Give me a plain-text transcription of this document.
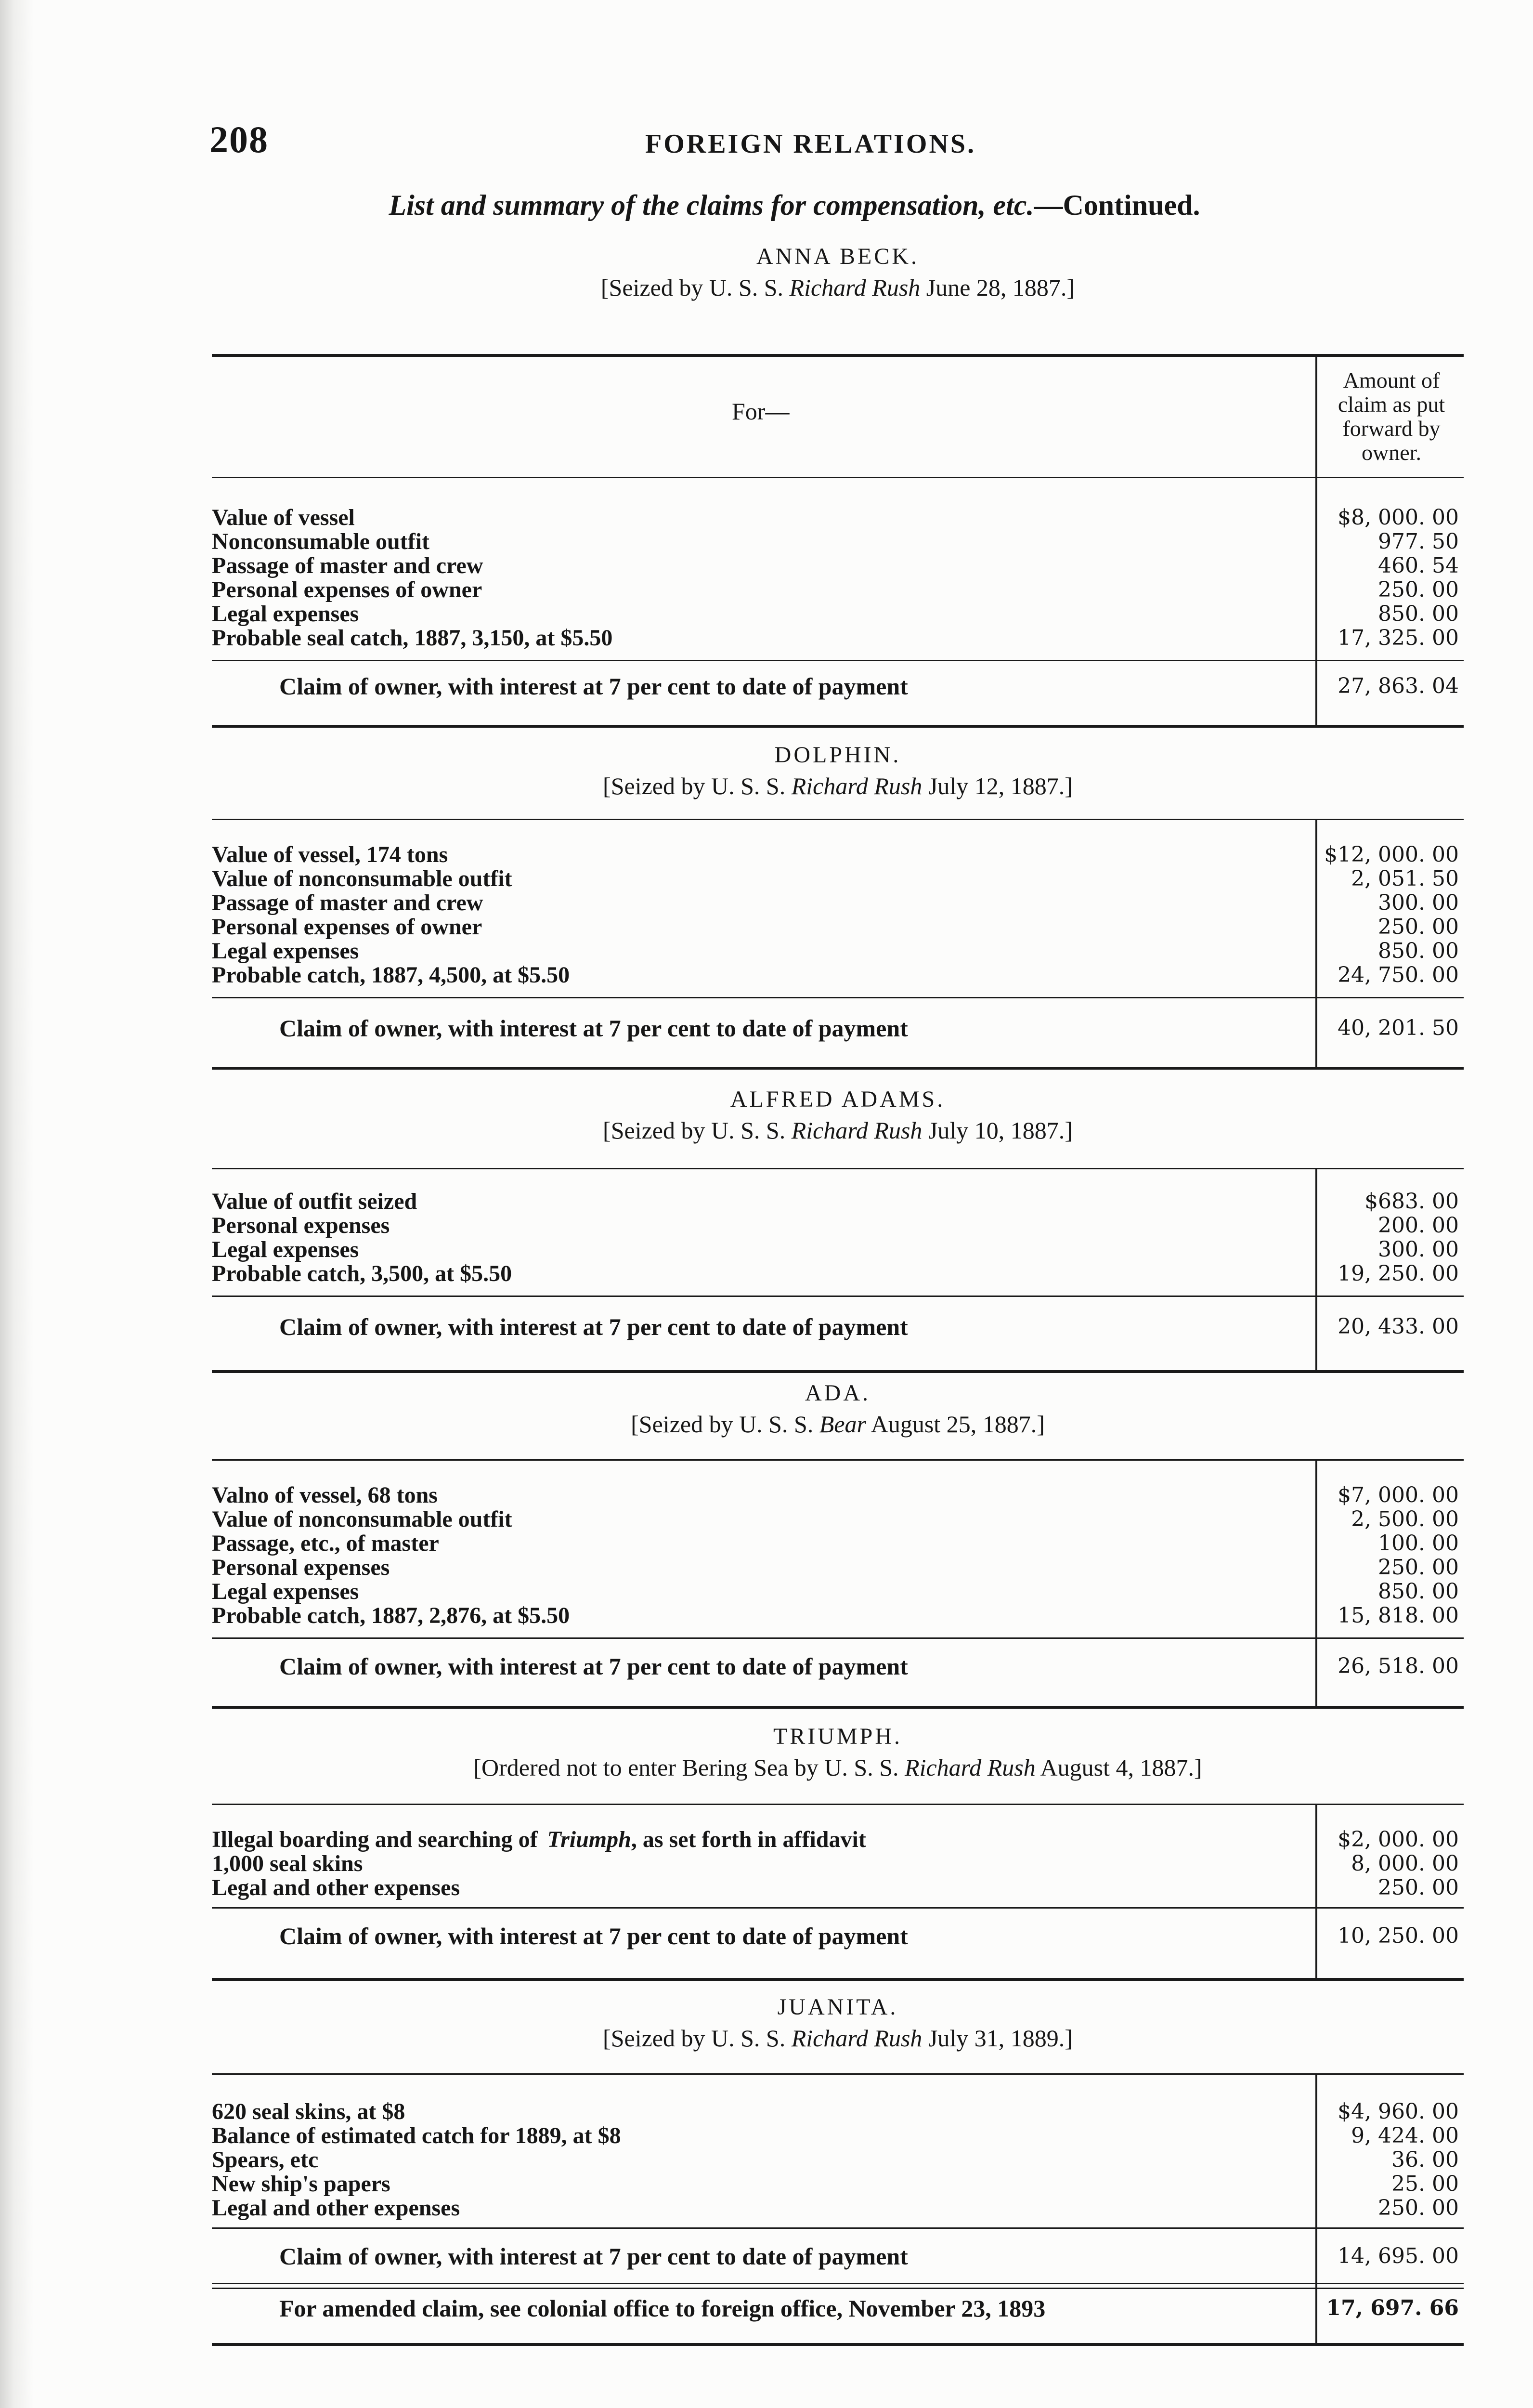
208	FOREIGN RELATIONS.
List and summary of the claims for compensation, etc.—Continued.
ANNA BECK.
[Seized by U. S. S. Richard Rush June 28, 1887.]
For—
Amount of
claim as put
forward by
owner.
Value of vessel	$8, 000. 00
Nonconsumable outfit	977. 50
Passage of master and crew	460. 54
Personal expenses of owner	250. 00
Legal expenses	850. 00
Probable seal catch, 1887, 3,150, at $5.50	17, 325. 00
Claim of owner, with interest at 7 per cent to date of payment	27, 863. 04
DOLPHIN.
[Seized by U. S. S. Richard Rush July 12, 1887.]
Value of vessel, 174 tons	$12, 000. 00
Value of nonconsumable outfit	2, 051. 50
Passage of master and crew	300. 00
Personal expenses of owner	250. 00
Legal expenses	850. 00
Probable catch, 1887, 4,500, at $5.50	24, 750. 00
Claim of owner, with interest at 7 per cent to date of payment	40, 201. 50
ALFRED ADAMS.
[Seized by U. S. S. Richard Rush July 10, 1887.]
Value of outfit seized	$683. 00
Personal expenses	200. 00
Legal expenses	300. 00
Probable catch, 3,500, at $5.50	19, 250. 00
Claim of owner, with interest at 7 per cent to date of payment	20, 433. 00
ADA.
[Seized by U. S. S. Bear August 25, 1887.]
Valno of vessel, 68 tons	$7, 000. 00
Value of nonconsumable outfit	2, 500. 00
Passage, etc., of master	100. 00
Personal expenses	250. 00
Legal expenses	850. 00
Probable catch, 1887, 2,876, at $5.50	15, 818. 00
Claim of owner, with interest at 7 per cent to date of payment	26, 518. 00
TRIUMPH.
[Ordered not to enter Bering Sea by U. S. S. Richard Rush August 4, 1887.]
Illegal boarding and searching of Triumph, as set forth in affidavit	$2, 000. 00
1,000 seal skins	8, 000. 00
Legal and other expenses	250. 00
Claim of owner, with interest at 7 per cent to date of payment	10, 250. 00
JUANITA.
[Seized by U. S. S. Richard Rush July 31, 1889.]
620 seal skins, at $8	$4, 960. 00
Balance of estimated catch for 1889, at $8	9, 424. 00
Spears, etc	36. 00
New ship's papers	25. 00
Legal and other expenses	250. 00
Claim of owner, with interest at 7 per cent to date of payment	14, 695. 00
For amended claim, see colonial office to foreign office, November 23, 1893	17, 697. 66
